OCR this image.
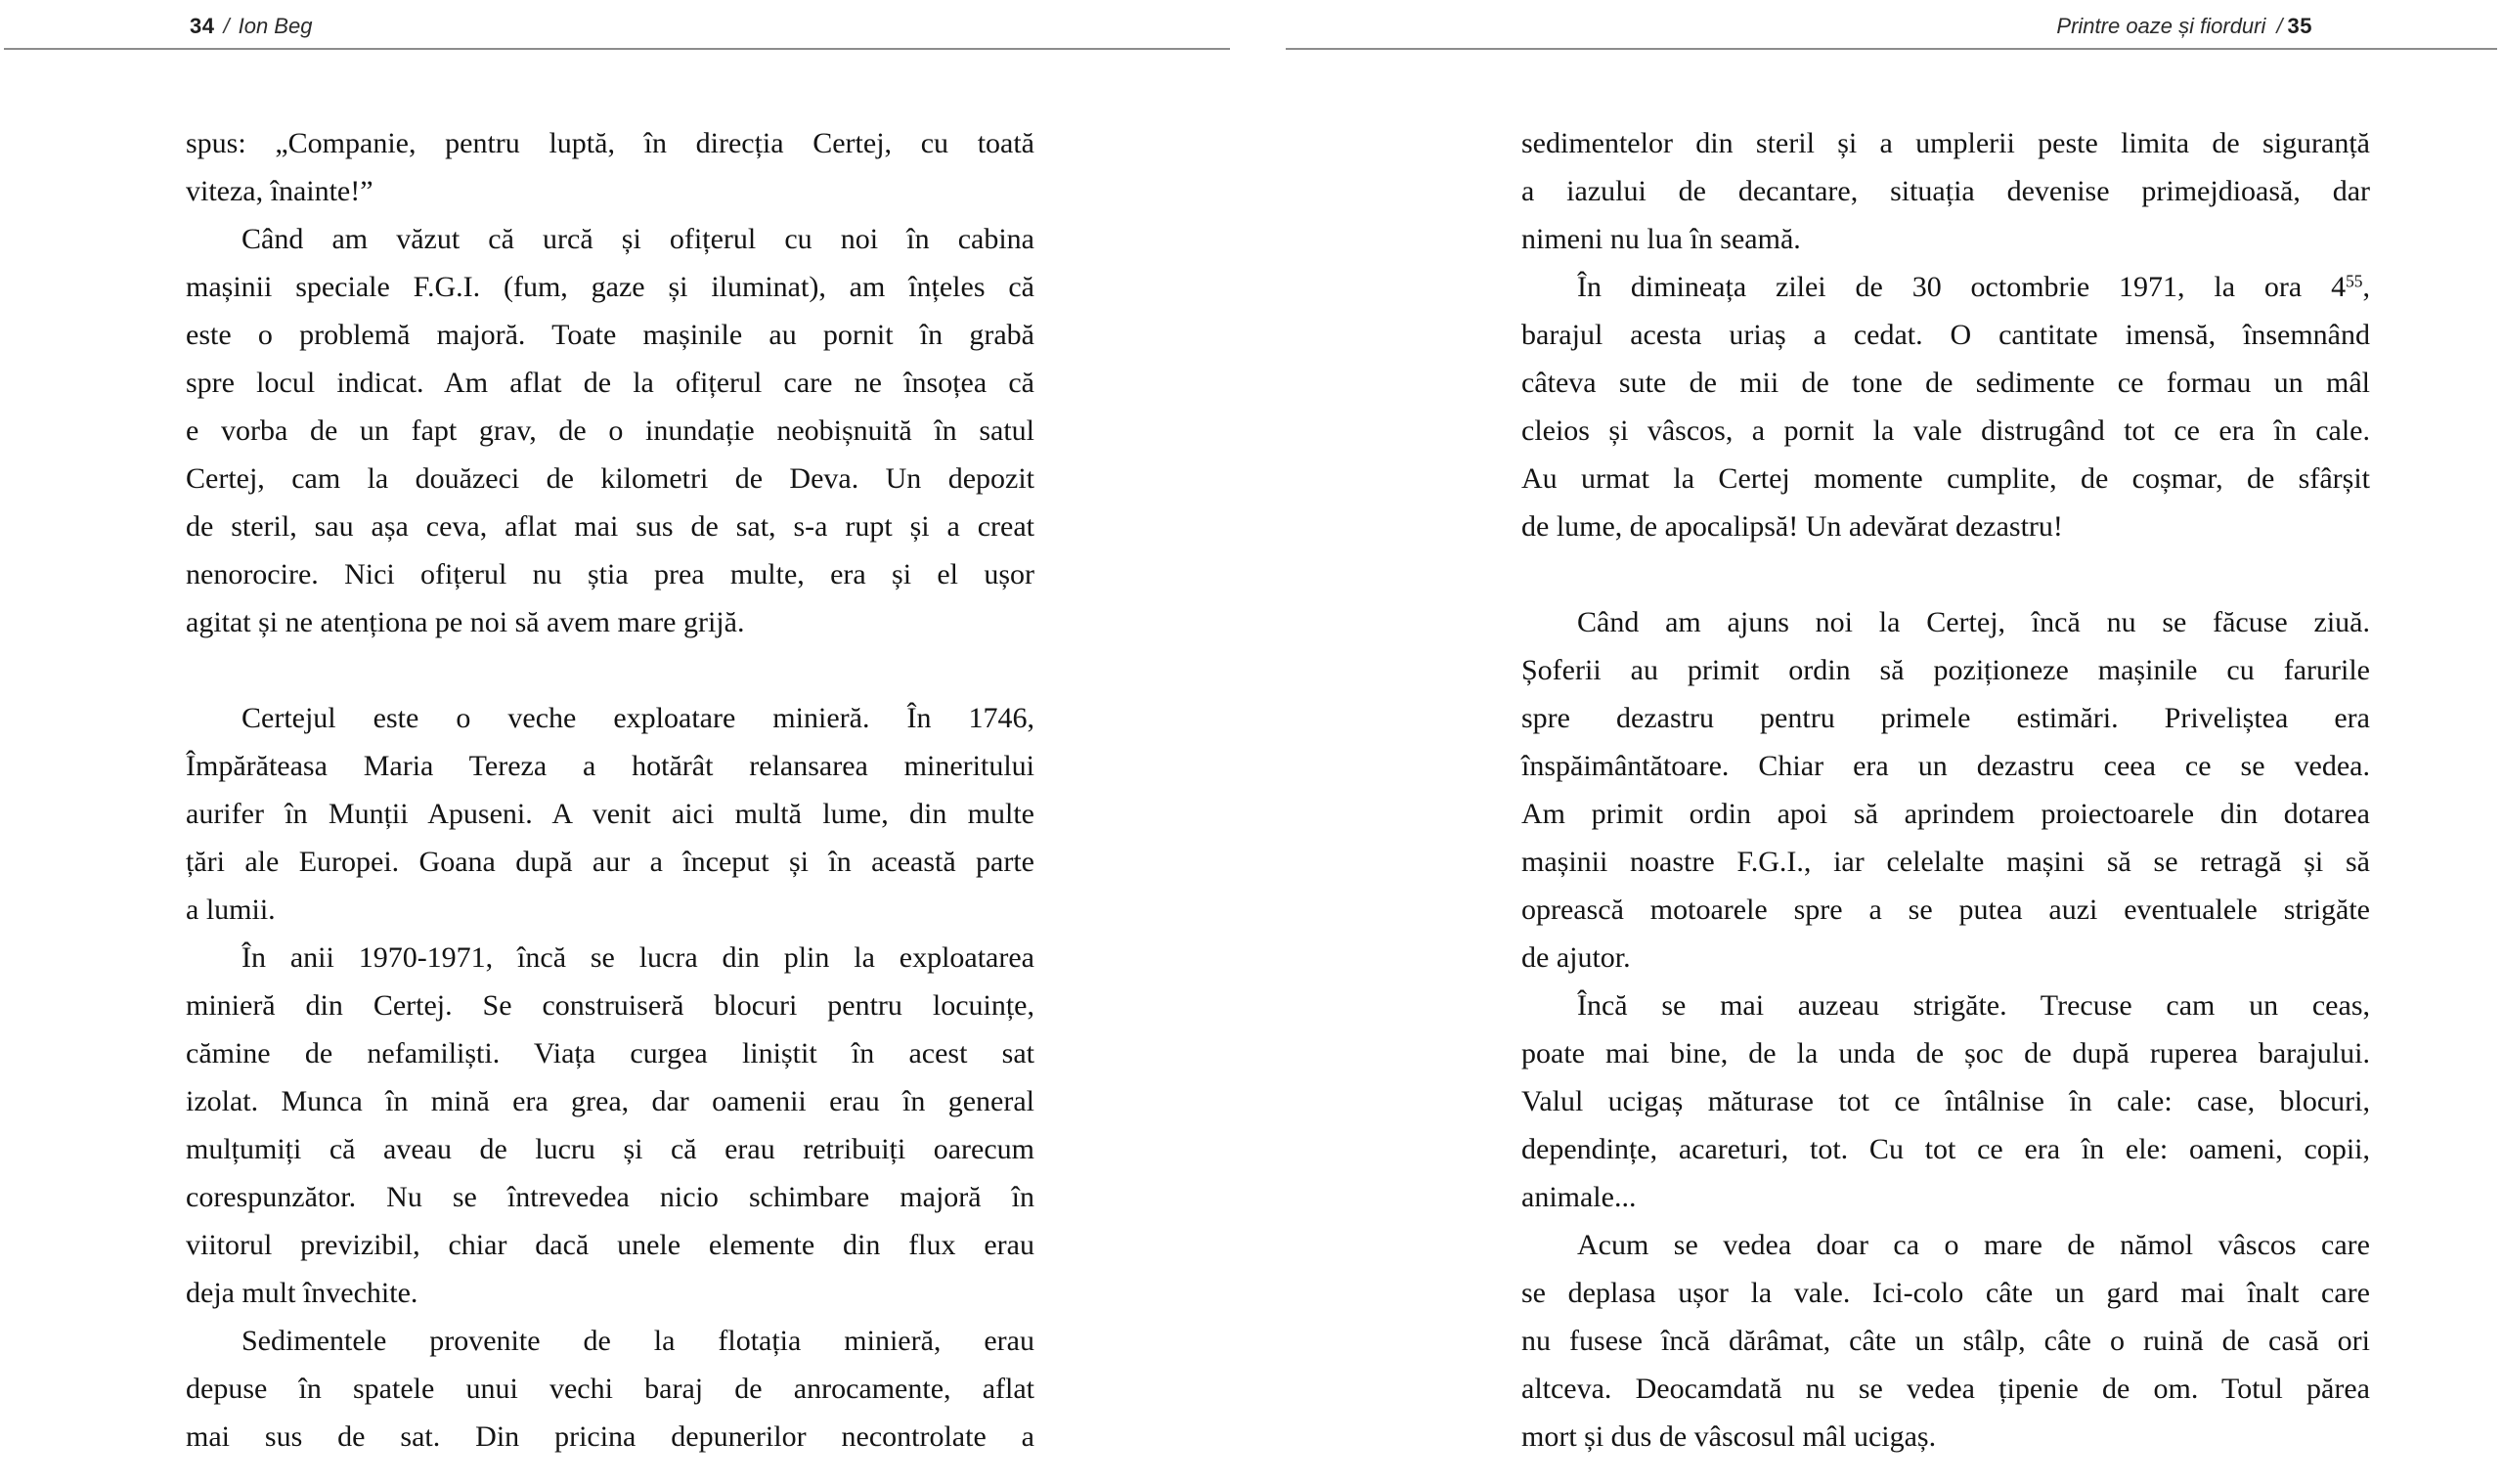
34 / Ion Beg
spus: „Companie, pentru luptă, în direcția Certej, cu toată
viteza, înainte!”
Când am văzut că urcă și ofițerul cu noi în cabina
mașinii speciale F.G.I. (fum, gaze și iluminat), am înțeles că
este o problemă majoră. Toate mașinile au pornit în grabă
spre locul indicat. Am aflat de la ofițerul care ne însoțea că
e vorba de un fapt grav, de o inundație neobișnuită în satul
Certej, cam la douăzeci de kilometri de Deva. Un depozit
de steril, sau așa ceva, aflat mai sus de sat, s-a rupt și a creat
nenorocire. Nici ofițerul nu știa prea multe, era și el ușor
agitat și ne atenționa pe noi să avem mare grijă.
Certejul este o veche exploatare minieră. În 1746,
Împărăteasa Maria Tereza a hotărât relansarea mineritului
aurifer în Munții Apuseni. A venit aici multă lume, din multe
țări ale Europei. Goana după aur a început și în această parte
a lumii.
În anii 1970-1971, încă se lucra din plin la exploatarea
minieră din Certej. Se construiseră blocuri pentru locuințe,
cămine de nefamiliști. Viața curgea liniștit în acest sat
izolat. Munca în mină era grea, dar oamenii erau în general
mulțumiți că aveau de lucru și că erau retribuiți oarecum
corespunzător. Nu se întrevedea nicio schimbare majoră în
viitorul previzibil, chiar dacă unele elemente din flux erau
deja mult învechite.
Sedimentele provenite de la flotația minieră, erau
depuse în spatele unui vechi baraj de anrocamente, aflat
mai sus de sat. Din pricina depunerilor necontrolate a
Printre oaze și fiorduri / 35
sedimentelor din steril și a umplerii peste limita de siguranță
a iazului de decantare, situația devenise primejdioasă, dar
nimeni nu lua în seamă.
În dimineața zilei de 30 octombrie 1971, la ora $4^{55}$,
barajul acesta uriaș a cedat. O cantitate imensă, însemnând
câteva sute de mii de tone de sedimente ce formau un mâl
cleios și vâscos, a pornit la vale distrugând tot ce era în cale.
Au urmat la Certej momente cumplite, de coșmar, de sfârșit
de lume, de apocalipsă! Un adevărat dezastru!
Când am ajuns noi la Certej, încă nu se făcuse ziuă.
Șoferii au primit ordin să poziționeze mașinile cu farurile
spre dezastru pentru primele estimări. Priveliștea era
înspăimântătoare. Chiar era un dezastru ceea ce se vedea.
Am primit ordin apoi să aprindem proiectoarele din dotarea
mașinii noastre F.G.I., iar celelalte mașini să se retragă și să
oprească motoarele spre a se putea auzi eventualele strigăte
de ajutor.
Încă se mai auzeau strigăte. Trecuse cam un ceas,
poate mai bine, de la unda de șoc de după ruperea barajului.
Valul ucigaș măturase tot ce întâlnise în cale: case, blocuri,
dependințe, acareturi, tot. Cu tot ce era în ele: oameni, copii,
animale...
Acum se vedea doar ca o mare de nămol vâscos care
se deplasa ușor la vale. Ici-colo câte un gard mai înalt care
nu fusese încă dărâmat, câte un stâlp, câte o ruină de casă ori
altceva. Deocamdată nu se vedea țipenie de om. Totul părea
mort și dus de vâscosul mâl ucigaș.
